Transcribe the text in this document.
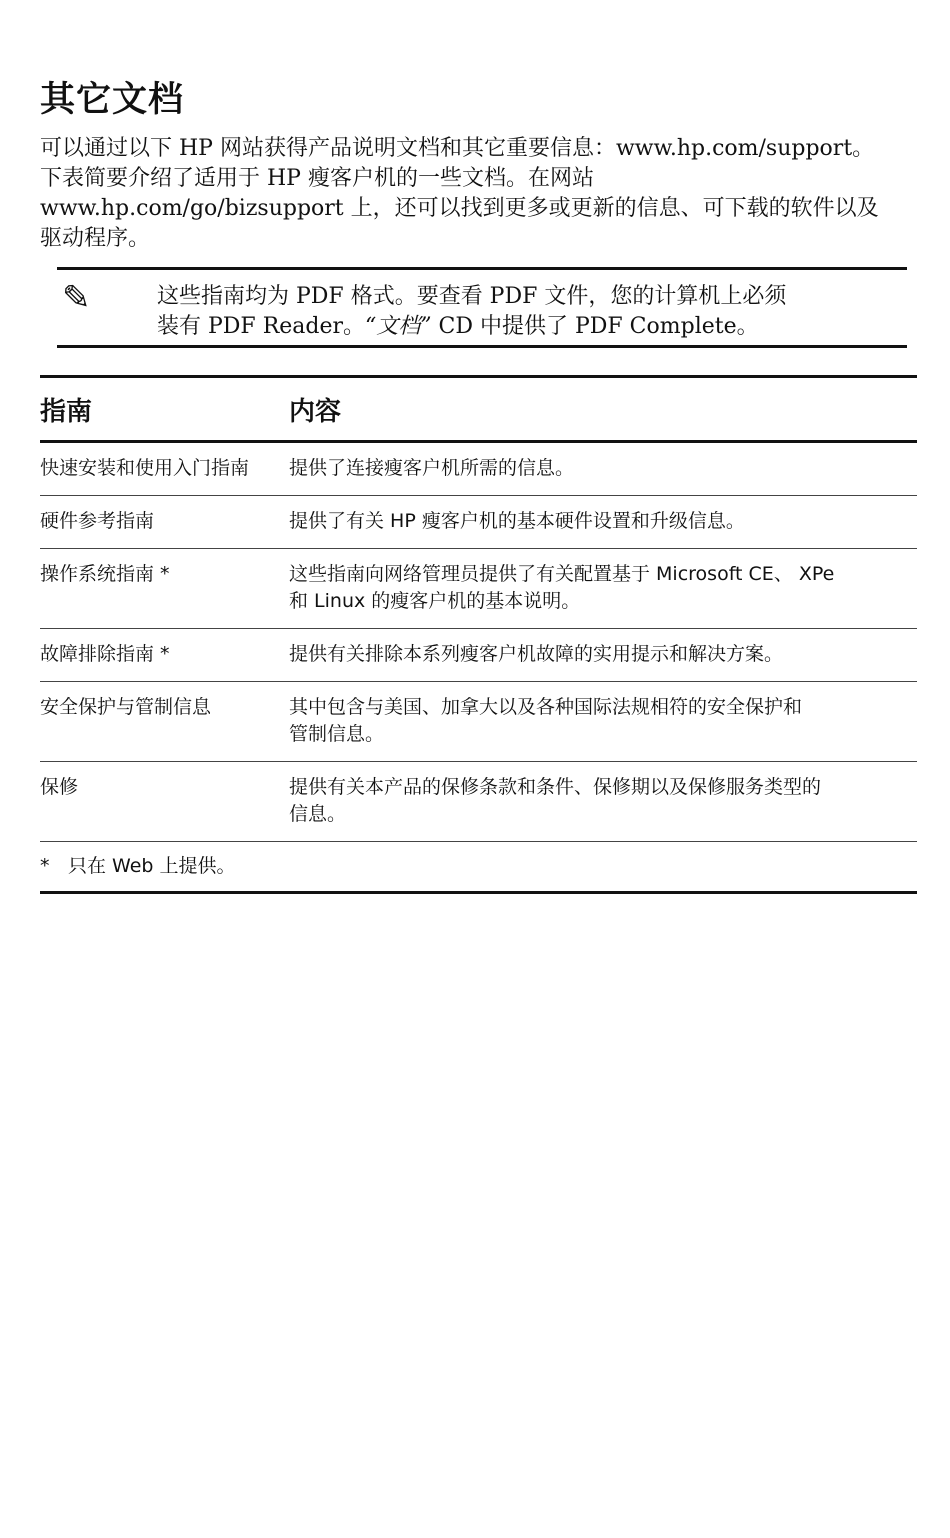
其它文档
可以通过以下 HP 网站获得产品说明文档和其它重要信息：www.hp.com/support。
下表简要介绍了适用于 HP 瘦客户机的一些文档。在网站
www.hp.com/go/bizsupport 上，还可以找到更多或更新的信息、可下载的软件以及
驱动程序。
✎	这些指南均为 PDF 格式。要查看 PDF 文件，您的计算机上必须
装有 PDF Reader。“文档” CD 中提供了 PDF Complete。
指南	内容
快速安装和使用入门指南	提供了连接瘦客户机所需的信息。

硬件参考指南	提供了有关 HP 瘦客户机的基本硬件设置和升级信息。

操作系统指南 *	这些指南向网络管理员提供了有关配置基于 Microsoft CE、 XPe
和 Linux 的瘦客户机的基本说明。

故障排除指南 *	提供有关排除本系列瘦客户机故障的实用提示和解决方案。

安全保护与管制信息	其中包含与美国、加拿大以及各种国际法规相符的安全保护和
管制信息。

保修	提供有关本产品的保修条款和条件、保修期以及保修服务类型的
信息。

* 只在 Web 上提供。	
